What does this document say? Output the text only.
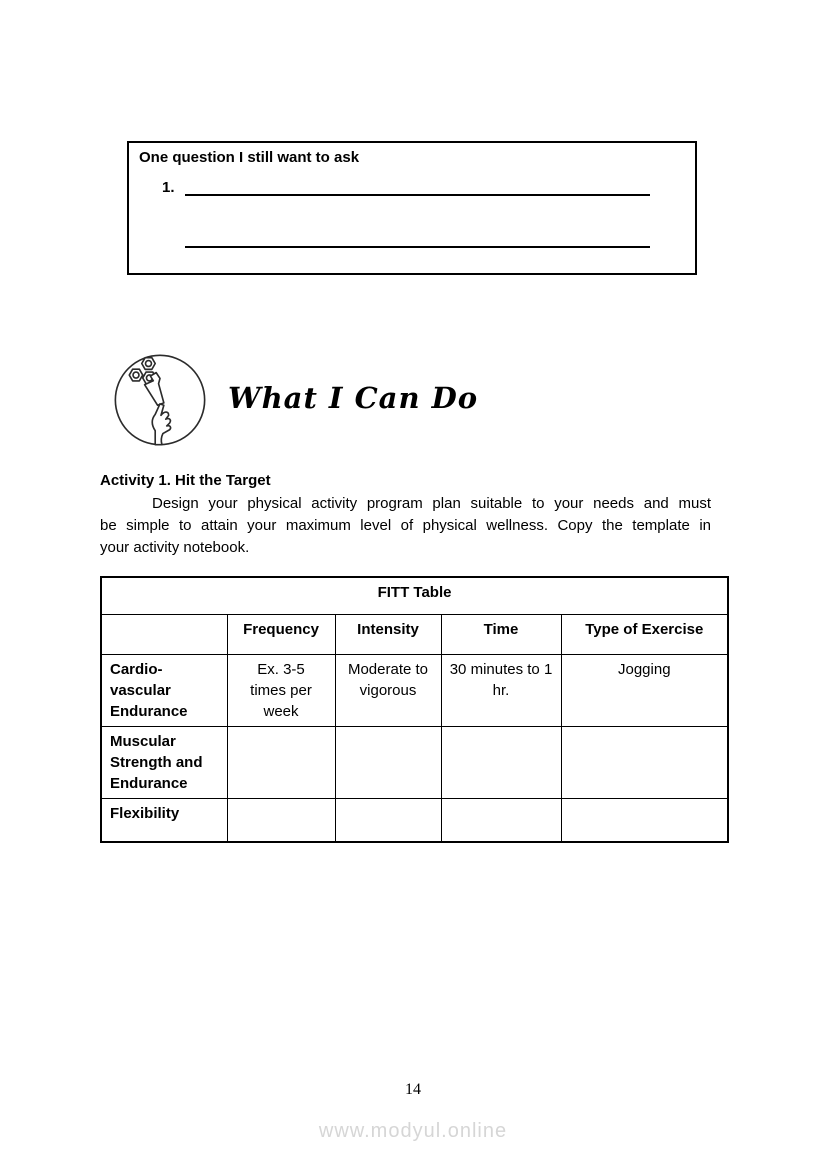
One question I still want to ask
1.
What I Can Do
Activity 1. Hit the Target
Design your physical activity program plan suitable to your needs and must
be simple to attain your maximum level of physical wellness. Copy the template in
your activity notebook.
FITT Table				
	Frequency	Intensity	Time	Type of Exercise

Cardio-vascular Endurance	Ex. 3-5 times per week	Moderate to vigorous	30 minutes to 1 hr.	Jogging

Muscular Strength and Endurance				

Flexibility				

14
www.modyul.online
